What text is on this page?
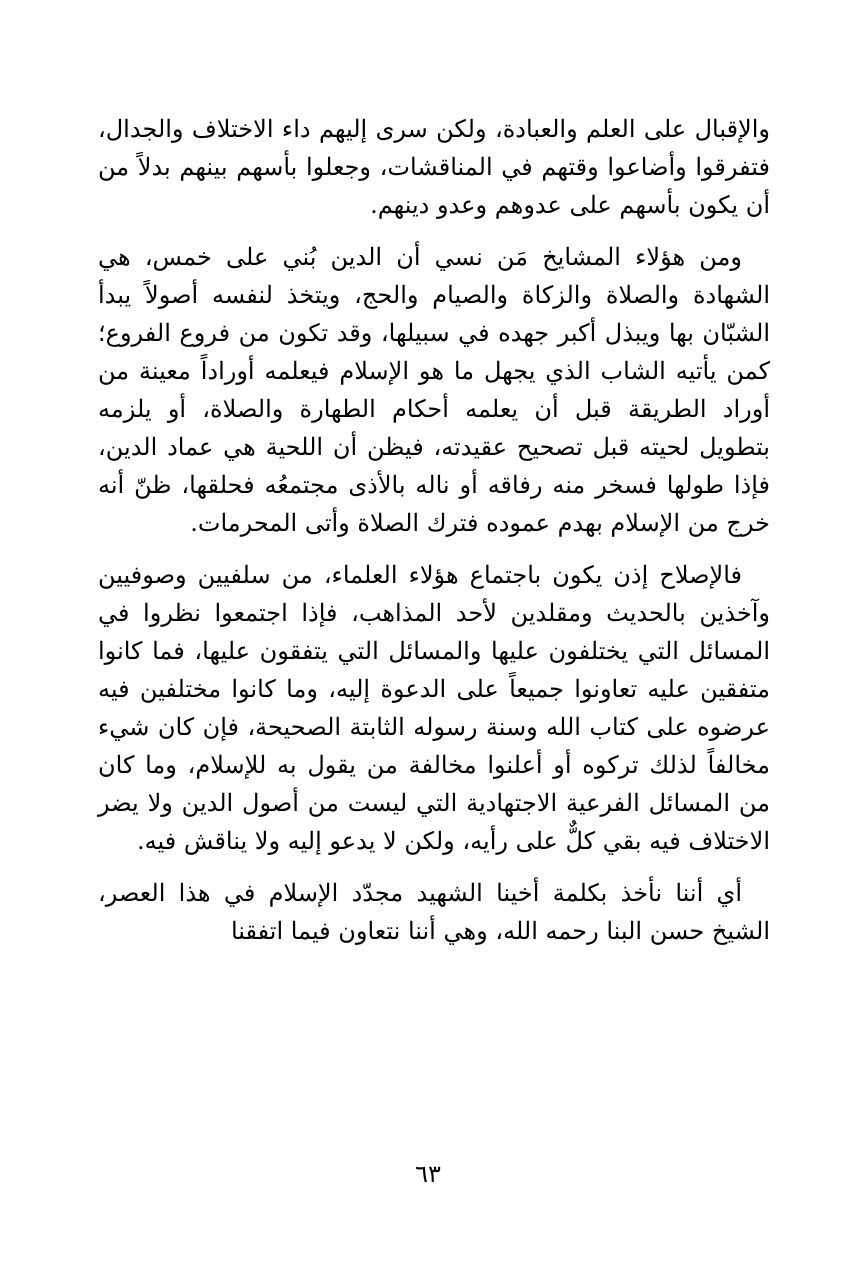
والإقبال على العلم والعبادة، ولكن سرى إليهم داء الاختلاف والجدال، فتفرقوا وأضاعوا وقتهم في المناقشات، وجعلوا بأسهم بينهم بدلاً من أن يكون بأسهم على عدوهم وعدو دينهم.

ومن هؤلاء المشايخ مَن نسي أن الدين بُني على خمس، هي الشهادة والصلاة والزكاة والصيام والحج، ويتخذ لنفسه أصولاً يبدأ الشبّان بها ويبذل أكبر جهده في سبيلها، وقد تكون من فروع الفروع؛ كمن يأتيه الشاب الذي يجهل ما هو الإسلام فيعلمه أوراداً معينة من أوراد الطريقة قبل أن يعلمه أحكام الطهارة والصلاة، أو يلزمه بتطويل لحيته قبل تصحيح عقيدته، فيظن أن اللحية هي عماد الدين، فإذا طولها فسخر منه رفاقه أو ناله بالأذى مجتمعُه فحلقها، ظنّ أنه خرج من الإسلام بهدم عموده فترك الصلاة وأتى المحرمات.

فالإصلاح إذن يكون باجتماع هؤلاء العلماء، من سلفيين وصوفيين وآخذين بالحديث ومقلدين لأحد المذاهب، فإذا اجتمعوا نظروا في المسائل التي يختلفون عليها والمسائل التي يتفقون عليها، فما كانوا متفقين عليه تعاونوا جميعاً على الدعوة إليه، وما كانوا مختلفين فيه عرضوه على كتاب الله وسنة رسوله الثابتة الصحيحة، فإن كان شيء مخالفاً لذلك تركوه أو أعلنوا مخالفة من يقول به للإسلام، وما كان من المسائل الفرعية الاجتهادية التي ليست من أصول الدين ولا يضر الاختلاف فيه بقي كلٌّ على رأيه، ولكن لا يدعو إليه ولا يناقش فيه.

أي أننا نأخذ بكلمة أخينا الشهيد مجدّد الإسلام في هذا العصر، الشيخ حسن البنا رحمه الله، وهي أننا نتعاون فيما اتفقنا

٦٣
